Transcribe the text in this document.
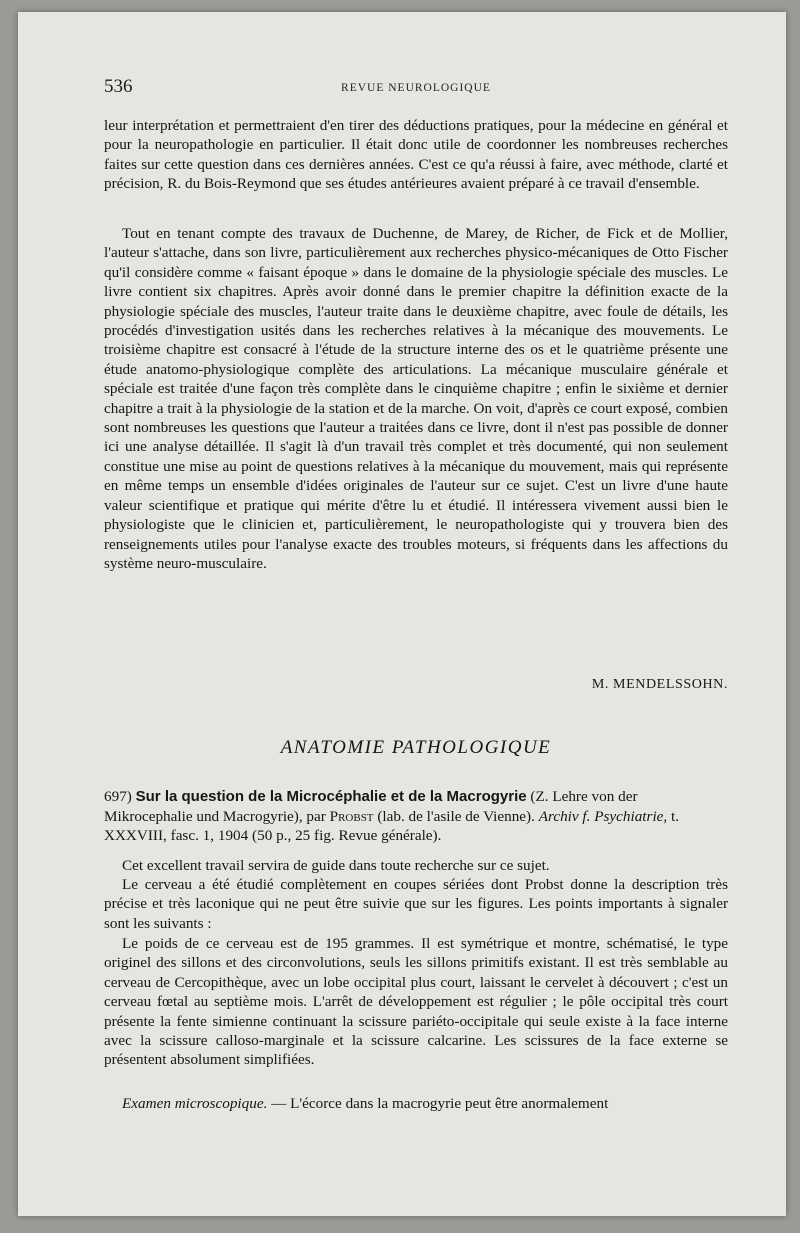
536	REVUE NEUROLOGIQUE

leur interprétation et permettraient d'en tirer des déductions pratiques, pour la médecine en général et pour la neuropathologie en particulier. Il était donc utile de coordonner les nombreuses recherches faites sur cette question dans ces dernières années. C'est ce qu'a réussi à faire, avec méthode, clarté et précision, R. du Bois-Reymond que ses études antérieures avaient préparé à ce travail d'ensemble.

Tout en tenant compte des travaux de Duchenne, de Marey, de Richer, de Fick et de Mollier, l'auteur s'attache, dans son livre, particulièrement aux recherches physico-mécaniques de Otto Fischer qu'il considère comme « faisant époque » dans le domaine de la physiologie spéciale des muscles. Le livre contient six chapitres. Après avoir donné dans le premier chapitre la définition exacte de la physiologie spéciale des muscles, l'auteur traite dans le deuxième chapitre, avec foule de détails, les procédés d'investigation usités dans les recherches relatives à la mécanique des mouvements. Le troisième chapitre est consacré à l'étude de la structure interne des os et le quatrième présente une étude anatomo-physiologique complète des articulations. La mécanique musculaire générale et spéciale est traitée d'une façon très complète dans le cinquième chapitre ; enfin le sixième et dernier chapitre a trait à la physiologie de la station et de la marche. On voit, d'après ce court exposé, combien sont nombreuses les questions que l'auteur a traitées dans ce livre, dont il n'est pas possible de donner ici une analyse détaillée. Il s'agit là d'un travail très complet et très documenté, qui non seulement constitue une mise au point de questions relatives à la mécanique du mouvement, mais qui représente en même temps un ensemble d'idées originales de l'auteur sur ce sujet. C'est un livre d'une haute valeur scientifique et pratique qui mérite d'être lu et étudié. Il intéressera vivement aussi bien le physiologiste que le clinicien et, particulièrement, le neuropathologiste qui y trouvera bien des renseignements utiles pour l'analyse exacte des troubles moteurs, si fréquents dans les affections du système neuro-musculaire.

M. MENDELSSOHN.
ANATOMIE PATHOLOGIQUE
697) Sur la question de la Microcéphalie et de la Macrogyrie (Z. Lehre von der Mikrocephalie und Macrogyrie), par Probst (lab. de l'asile de Vienne). Archiv f. Psychiatrie, t. XXXVIII, fasc. 1, 1904 (50 p., 25 fig. Revue générale).

Cet excellent travail servira de guide dans toute recherche sur ce sujet.

Le cerveau a été étudié complètement en coupes sériées dont Probst donne la description très précise et très laconique qui ne peut être suivie que sur les figures. Les points importants à signaler sont les suivants :

Le poids de ce cerveau est de 195 grammes. Il est symétrique et montre, schématisé, le type originel des sillons et des circonvolutions, seuls les sillons primitifs existant. Il est très semblable au cerveau de Cercopithèque, avec un lobe occipital plus court, laissant le cervelet à découvert ; c'est un cerveau fœtal au septième mois. L'arrêt de développement est régulier ; le pôle occipital très court présente la fente simienne continuant la scissure pariéto-occipitale qui seule existe à la face interne avec la scissure calloso-marginale et la scissure calcarine. Les scissures de la face externe se présentent absolument simplifiées.

Examen microscopique. — L'écorce dans la macrogyrie peut être anormalement
